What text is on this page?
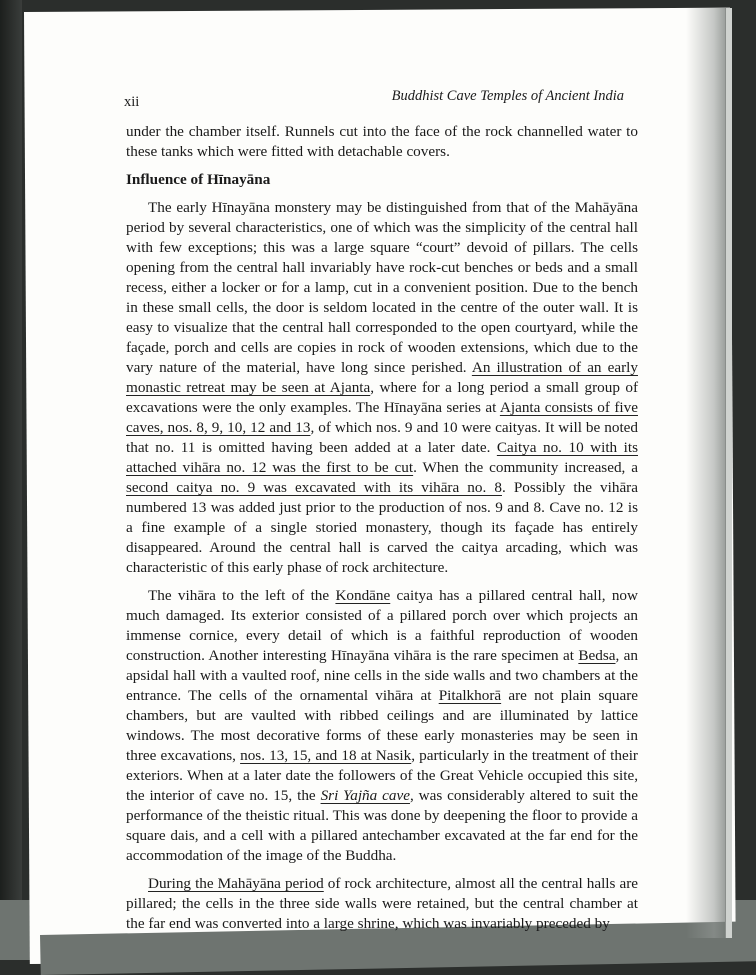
xii	Buddhist Cave Temples of Ancient India

under the chamber itself. Runnels cut into the face of the rock channelled water to these tanks which were fitted with detachable covers.

Influence of Hīnayāna

The early Hīnayāna monstery may be distinguished from that of the Mahāyāna period by several characteristics, one of which was the simplicity of the central hall with few exceptions; this was a large square “court” devoid of pillars. The cells opening from the central hall invariably have rock-cut benches or beds and a small recess, either a locker or for a lamp, cut in a convenient position. Due to the bench in these small cells, the door is seldom located in the centre of the outer wall. It is easy to visualize that the central hall corresponded to the open courtyard, while the façade, porch and cells are copies in rock of wooden extensions, which due to the vary nature of the material, have long since perished. An illustration of an early monastic retreat may be seen at Ajanta, where for a long period a small group of excavations were the only examples. The Hīnayāna series at Ajanta consists of five caves, nos. 8, 9, 10, 12 and 13, of which nos. 9 and 10 were caityas. It will be noted that no. 11 is omitted having been added at a later date. Caitya no. 10 with its attached vihāra no. 12 was the first to be cut. When the community increased, a second caitya no. 9 was excavated with its vihāra no. 8. Possibly the vihāra numbered 13 was added just prior to the production of nos. 9 and 8. Cave no. 12 is a fine example of a single storied monastery, though its façade has entirely disappeared. Around the central hall is carved the caitya arcading, which was characteristic of this early phase of rock architecture.

The vihāra to the left of the Kondāne caitya has a pillared central hall, now much damaged. Its exterior consisted of a pillared porch over which projects an immense cornice, every detail of which is a faithful reproduction of wooden construction. Another interesting Hīnayāna vihāra is the rare specimen at Bedsa, an apsidal hall with a vaulted roof, nine cells in the side walls and two chambers at the entrance. The cells of the ornamental vihāra at Pitalkhorā are not plain square chambers, but are vaulted with ribbed ceilings and are illuminated by lattice windows. The most decorative forms of these early monasteries may be seen in three excavations, nos. 13, 15, and 18 at Nasik, particularly in the treatment of their exteriors. When at a later date the followers of the Great Vehicle occupied this site, the interior of cave no. 15, the Sri Yajña cave, was considerably altered to suit the performance of the theistic ritual. This was done by deepening the floor to provide a square dais, and a cell with a pillared antechamber excavated at the far end for the accommodation of the image of the Buddha.

During the Mahāyāna period of rock architecture, almost all the central halls are pillared; the cells in the three side walls were retained, but the central chamber at the far end was converted into a large shrine, which was invariably preceded by
